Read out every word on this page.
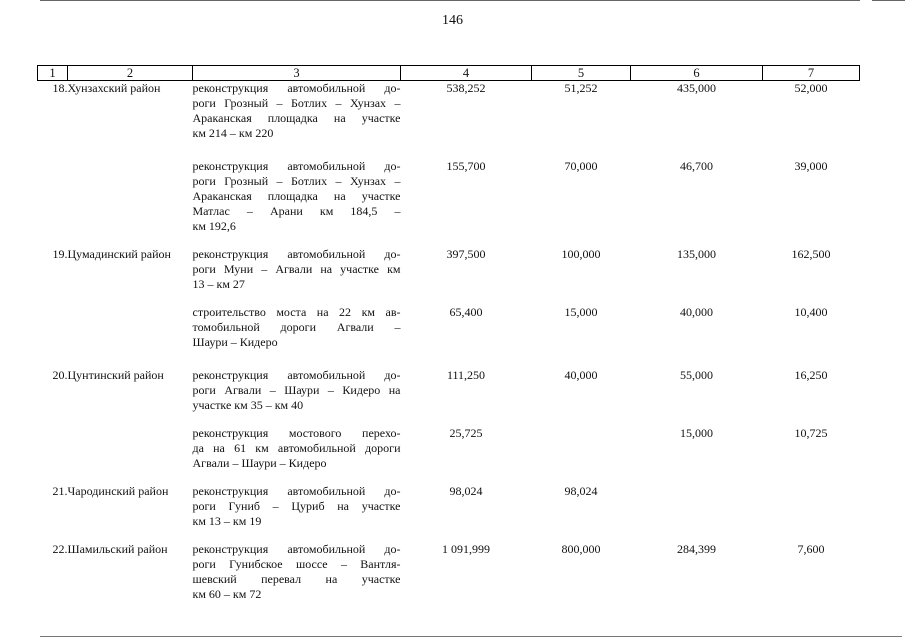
146
1	2	3	4	5	6	7
18.	Хунзахский район	реконструкция автомобильной до-
роги Грозный – Ботлих – Хунзах –
Араканская площадка на участке
км 214 – км 220	538,252	51,252	435,000	52,000

		реконструкция автомобильной до-
роги Грозный – Ботлих – Хунзах –
Араканская площадка на участке
Матлас – Арани км 184,5 –
км 192,6	155,700	70,000	46,700	39,000

19.	Цумадинский район	реконструкция автомобильной до-
роги Муни – Агвали на участке км
13 – км 27	397,500	100,000	135,000	162,500

		строительство моста на 22 км ав-
томобильной дороги Агвали –
Шаури – Кидеро	65,400	15,000	40,000	10,400

20.	Цунтинский район	реконструкция автомобильной до-
роги Агвали – Шаури – Кидеро на
участке км 35 – км 40	111,250	40,000	55,000	16,250

		реконструкция мостового перехо-
да на 61 км автомобильной дороги
Агвали – Шаури – Кидеро	25,725		15,000	10,725

21.	Чародинский район	реконструкция автомобильной до-
роги Гуниб – Цуриб на участке
км 13 – км 19	98,024	98,024		

22.	Шамильский район	реконструкция автомобильной до-
роги Гунибское шоссе – Вантля-
шевский перевал на участке
км 60 – км 72	1 091,999	800,000	284,399	7,600
